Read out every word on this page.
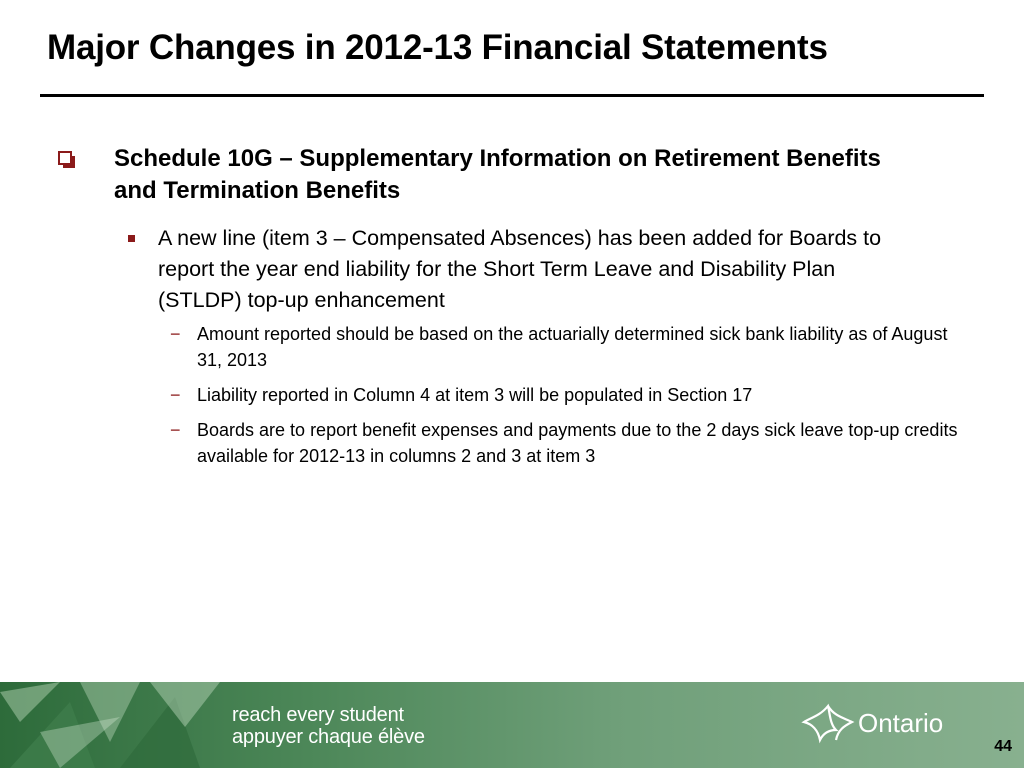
Major Changes in 2012-13 Financial Statements
Schedule 10G – Supplementary Information on Retirement Benefits and Termination Benefits
A new line (item 3 – Compensated Absences) has been added for Boards to report the year end liability for the Short Term Leave and Disability Plan (STLDP) top-up enhancement
− Amount reported should be based on the actuarially determined sick bank liability as of August 31, 2013
− Liability reported in Column 4 at item 3 will be populated in Section 17
− Boards are to report benefit expenses and payments due to the 2 days sick leave top-up credits available for 2012-13 in columns 2 and 3 at item 3
reach every student
appuyer chaque élève	Ontario
44
